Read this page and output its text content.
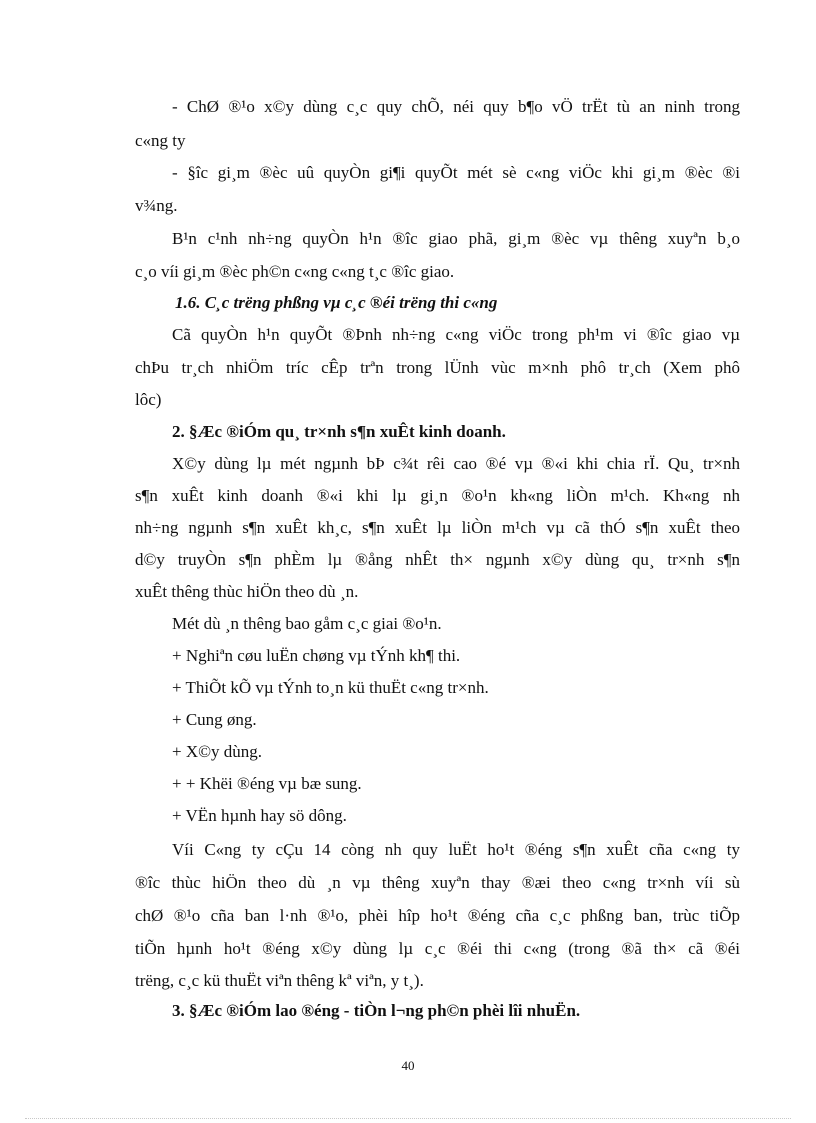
- ChØ ®¹o x©y dùng c¸c quy chÕ, néi quy b¶o vÖ trËt tù an ninh trong
c«ng ty
- §îc gi¸m ®èc uû quyÒn gi¶i quyÕt mét sè c«ng viÖc khi gi¸m ®èc ®i
v¾ng.
B¹n c¹nh nh÷ng quyÒn h¹n ®îc giao phã, gi¸m ®èc vµ thêng xuyªn b¸o
c¸o víi gi¸m ®èc ph©n c«ng c«ng t¸c ®îc giao.
1.6. C¸c trëng phßng vµ c¸c ®éi trëng thi c«ng
Cã quyÒn h¹n quyÕt ®Þnh nh÷ng c«ng viÖc trong ph¹m vi ®îc giao vµ
chÞu tr¸ch nhiÖm tríc cÊp trªn trong lÜnh vùc m×nh phô tr¸ch (Xem phô
lôc)
2. §Æc ®iÓm qu¸ tr×nh s¶n xuÊt kinh doanh.
X©y dùng lµ mét ngµnh bÞ c¾t rêi cao ®é vµ ®«i khi chia rÏ. Qu¸ tr×nh
s¶n xuÊt kinh doanh ®«i khi lµ gi¸n ®o¹n kh«ng liÒn m¹ch. Kh«ng nh
nh÷ng ngµnh s¶n xuÊt kh¸c, s¶n xuÊt lµ liÒn m¹ch vµ cã thÓ s¶n xuÊt theo
d©y truyÒn s¶n phÈm lµ ®ång nhÊt th× ngµnh x©y dùng qu¸ tr×nh s¶n
xuÊt thêng thùc hiÖn theo dù ¸n.
Mét dù ¸n thêng bao gåm c¸c giai ®o¹n.
+ Nghiªn cøu luËn chøng vµ tÝnh kh¶ thi.
+ ThiÕt kÕ vµ tÝnh to¸n kü thuËt c«ng tr×nh.
+ Cung øng.
+ X©y dùng.
+ + Khëi ®éng vµ bæ sung.
+ VËn hµnh hay sö dông.
Víi C«ng ty cÇu 14 còng nh quy luËt ho¹t ®éng s¶n xuÊt cña c«ng ty
®îc thùc hiÖn theo dù ¸n vµ thêng xuyªn thay ®æi theo c«ng tr×nh víi sù
chØ ®¹o cña ban l·nh ®¹o, phèi hîp ho¹t ®éng cña c¸c phßng ban, trùc tiÕp
tiÕn hµnh ho¹t ®éng x©y dùng lµ c¸c ®éi thi c«ng (trong ®ã th× cã ®éi
trëng, c¸c kü thuËt viªn thêng kª viªn, y t¸).
3. §Æc ®iÓm lao ®éng - tiÒn l¬ng ph©n phèi lîi nhuËn.
40
